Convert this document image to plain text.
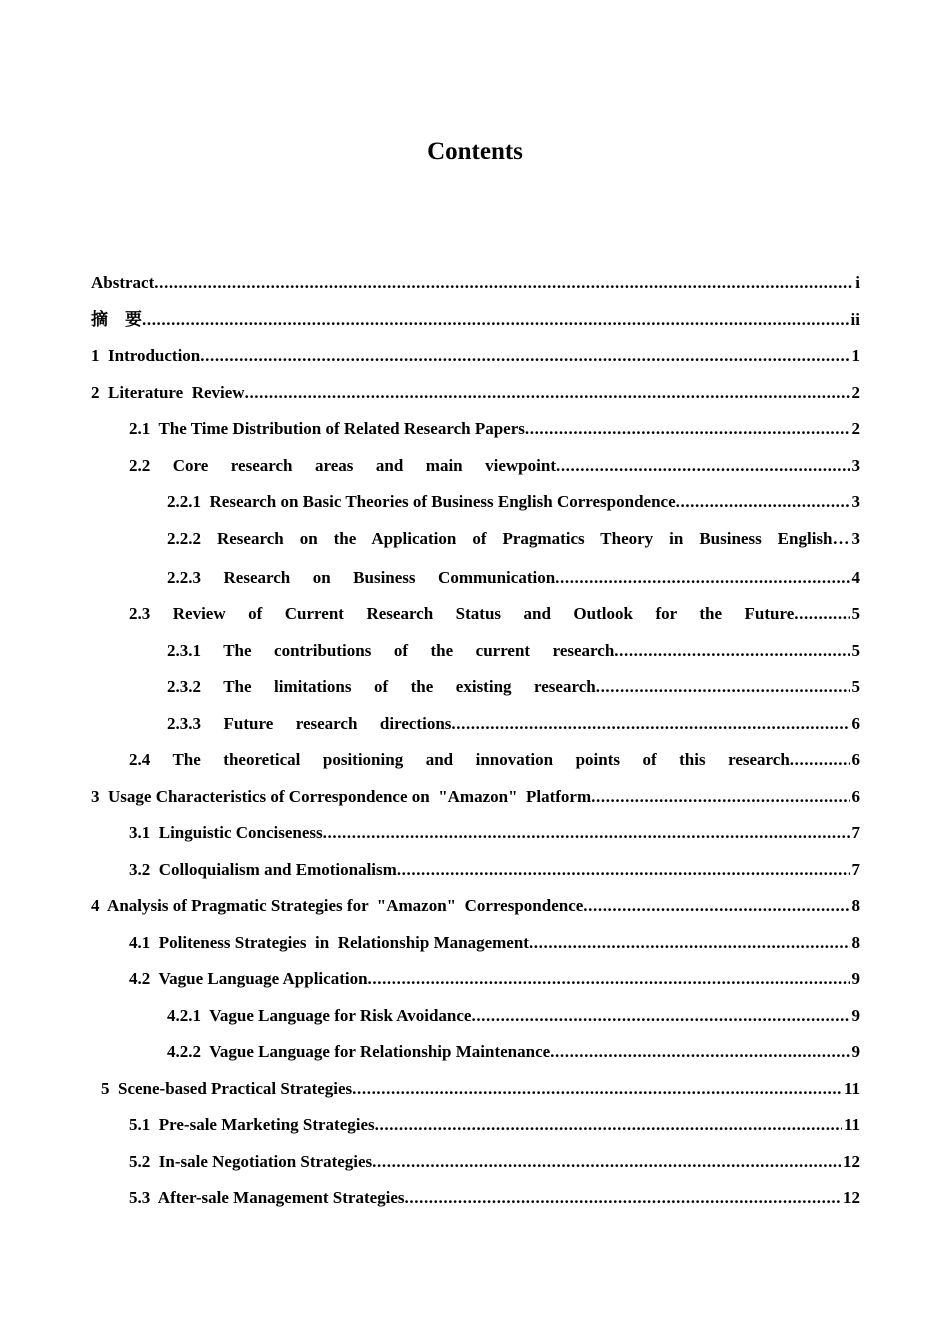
Contents
Abstract .....	i
摘　要 .....	ii
1  Introduction .....	1
2  Literature  Review .....	2
2.1  The Time Distribution of Related Research Papers .....	2
2.2  Core  research  areas  and  main  viewpoint .....	3
2.2.1  Research on Basic Theories of Business English Correspondence .....	3
2.2.2  Research  on  the  Application  of  Pragmatics  Theory  in  Business  English… 3
2.2.3  Research  on  Business  Communication .....	4
2.3  Review  of  Current  Research  Status  and  Outlook  for  the  Future .....	5
2.3.1  The  contributions  of  the  current  research .....	5
2.3.2  The  limitations  of  the  existing  research .....	5
2.3.3  Future  research  directions .....	6
2.4  The  theoretical  positioning  and  innovation  points  of  this  research .....	6
3  Usage Characteristics of Correspondence on  "Amazon"  Platform .....	6
3.1  Linguistic Conciseness .....	7
3.2  Colloquialism and Emotionalism .....	7
4  Analysis of Pragmatic Strategies for  "Amazon"  Correspondence .....	8
4.1  Politeness Strategies  in  Relationship Management .....	8
4.2  Vague Language Application .....	9
4.2.1  Vague Language for Risk Avoidance .....	9
4.2.2  Vague Language for Relationship Maintenance .....	9
5  Scene-based Practical Strategies .....	11
5.1  Pre-sale Marketing Strategies .....	11
5.2  In-sale Negotiation Strategies .....	12
5.3  After-sale Management Strategies .....	12
